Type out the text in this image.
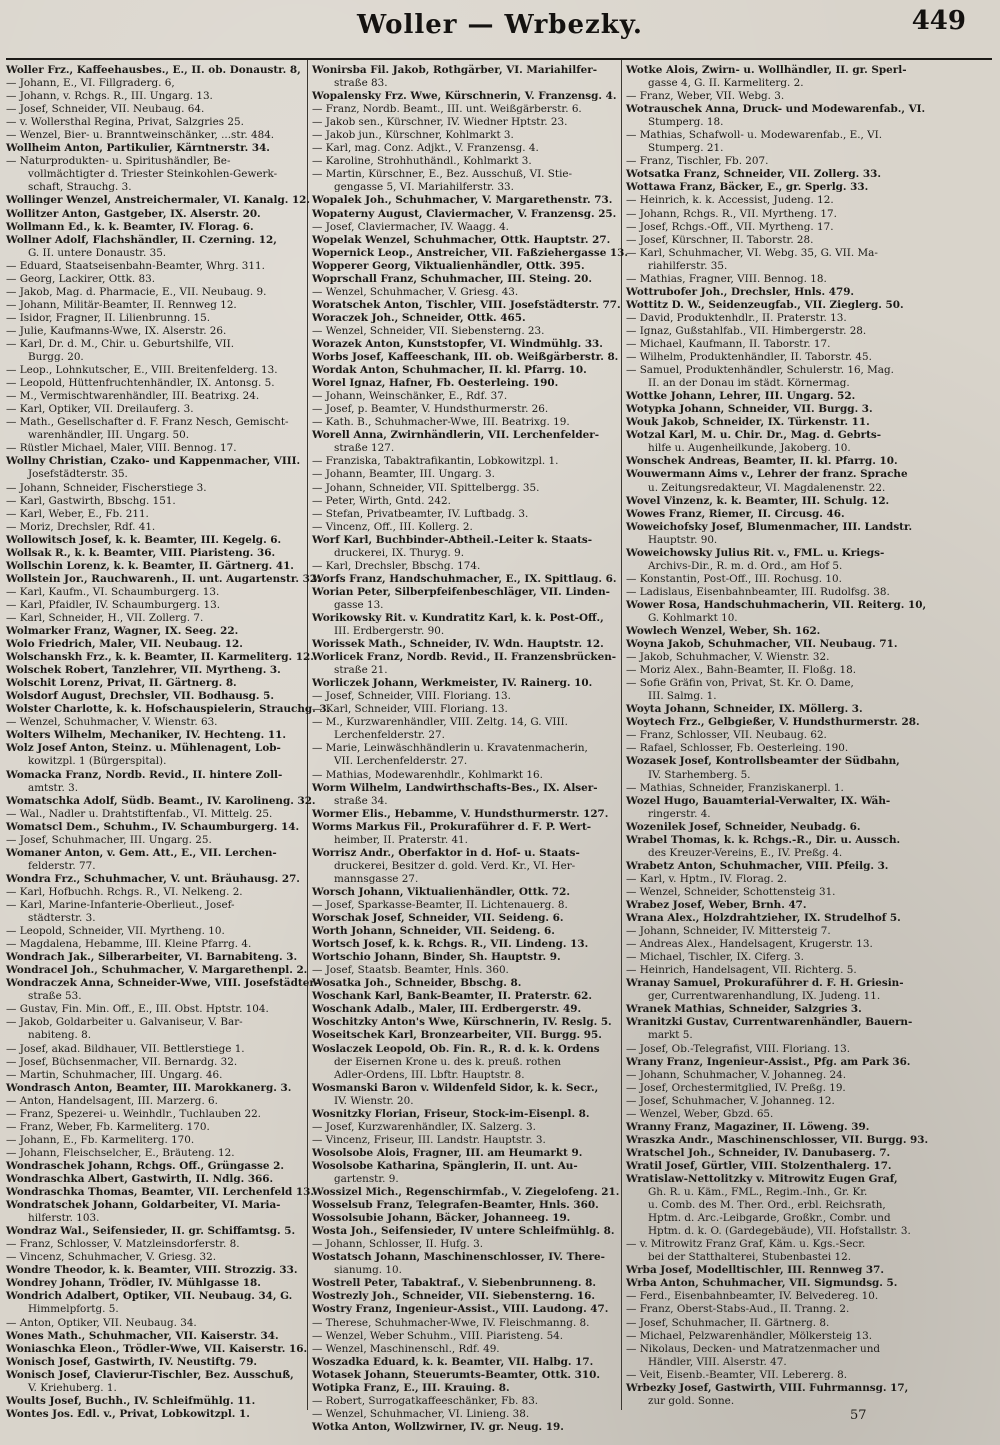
Woller — Wrbezky.	449
Woller Frz., Kaffeehausbes., E., II. ob. Donaustr. 8,
— Johann, E., VI. Fillgraderg. 6,
— Johann, v. Rchgs. R., III. Ungarg. 13.
— Josef, Schneider, VII. Neubaug. 64.
— v. Wollersthal Regina, Privat, Salzgries 25.
— Wenzel, Bier- u. Branntweinschänker, ...str. 484.
Wollheim Anton, Partikulier, Kärntnerstr. 34.
— Naturprodukten- u. Spiritushändler, Be-
vollmächtigter d. Triester Steinkohlen-Gewerk-
schaft, Strauchg. 3.
Wollinger Wenzel, Anstreichermaler, VI. Kanalg. 12.
Wollitzer Anton, Gastgeber, IX. Alserstr. 20.
Wollmann Ed., k. k. Beamter, IV. Florag. 6.
Wollner Adolf, Flachshändler, II. Czerning. 12,
G. II. untere Donaustr. 35.
— Eduard, Staatseisenbahn-Beamter, Whrg. 311.
— Georg, Lackirer, Ottk. 83.
— Jakob, Mag. d. Pharmacie, E., VII. Neubaug. 9.
— Johann, Militär-Beamter, II. Rennweg 12.
— Isidor, Fragner, II. Lilienbrunng. 15.
— Julie, Kaufmanns-Wwe, IX. Alserstr. 26.
— Karl, Dr. d. M., Chir. u. Geburtshilfe, VII.
Burgg. 20.
— Leop., Lohnkutscher, E., VIII. Breitenfelderg. 13.
— Leopold, Hüttenfruchtenhändler, IX. Antonsg. 5.
— M., Vermischtwarenhändler, III. Beatrixg. 24.
— Karl, Optiker, VII. Dreilauferg. 3.
— Math., Gesellschafter d. F. Franz Nesch, Gemischt-
warenhändler, III. Ungarg. 50.
— Rüstler Michael, Maler, VIII. Bennog. 17.
Wollny Christian, Czako- und Kappenmacher, VIII.
Josefstädterstr. 35.
— Johann, Schneider, Fischerstiege 3.
— Karl, Gastwirth, Bbschg. 151.
— Karl, Weber, E., Fb. 211.
— Moriz, Drechsler, Rdf. 41.
Wollowitsch Josef, k. k. Beamter, III. Kegelg. 6.
Wollsak R., k. k. Beamter, VIII. Piaristeng. 36.
Wollschin Lorenz, k. k. Beamter, II. Gärtnerg. 41.
Wollstein Jor., Rauchwarenh., II. unt. Augartenstr. 32.
— Karl, Kaufm., VI. Schaumburgerg. 13.
— Karl, Pfaidler, IV. Schaumburgerg. 13.
— Karl, Schneider, H., VII. Zollerg. 7.
Wolmarker Franz, Wagner, IX. Seeg. 22.
Wolo Friedrich, Maler, VII. Neubaug. 12.
Wolschanskh Frz., k. k. Beamter, II. Karmeliterg. 12.
Wolschek Robert, Tanzlehrer, VII. Myrtheng. 3.
Wolschit Lorenz, Privat, II. Gärtnerg. 8.
Wolsdorf August, Drechsler, VII. Bodhausg. 5.
Wolster Charlotte, k. k. Hofschauspielerin, Strauchg. 3.
— Wenzel, Schuhmacher, V. Wienstr. 63.
Wolters Wilhelm, Mechaniker, IV. Hechteng. 11.
Wolz Josef Anton, Steinz. u. Mühlenagent, Lob-
kowitzpl. 1 (Bürgerspital).
Womacka Franz, Nordb. Revid., II. hintere Zoll-
amtstr. 3.
Womatschka Adolf, Südb. Beamt., IV. Karolineng. 32.
— Wal., Nadler u. Drahtstiftenfab., VI. Mittelg. 25.
Womatscl Dem., Schuhm., IV. Schaumburgerg. 14.
— Josef, Schuhmacher, III. Ungarg. 25.
Womaner Anton, v. Gem. Att., E., VII. Lerchen-
felderstr. 77.
Wondra Frz., Schuhmacher, V. unt. Bräuhausg. 27.
— Karl, Hofbuchh. Rchgs. R., VI. Nelkeng. 2.
— Karl, Marine-Infanterie-Oberlieut., Josef-
städterstr. 3.
— Leopold, Schneider, VII. Myrtheng. 10.
— Magdalena, Hebamme, III. Kleine Pfarrg. 4.
Wondrach Jak., Silberarbeiter, VI. Barnabiteng. 3.
Wondracel Joh., Schuhmacher, V. Margarethenpl. 2.
Wondraczek Anna, Schneider-Wwe, VIII. Josefstädter-
straße 53.
— Gustav, Fin. Min. Off., E., III. Obst. Hptstr. 104.
— Jakob, Goldarbeiter u. Galvaniseur, V. Bar-
nabiteng. 8.
— Josef, akad. Bildhauer, VII. Bettlerstiege 1.
— Josef, Büchsenmacher, VII. Bernardg. 32.
— Martin, Schuhmacher, III. Ungarg. 46.
Wondrasch Anton, Beamter, III. Marokkanerg. 3.
— Anton, Handelsagent, III. Marzerg. 6.
— Franz, Spezerei- u. Weinhdlr., Tuchlauben 22.
— Franz, Weber, Fb. Karmeliterg. 170.
— Johann, E., Fb. Karmeliterg. 170.
— Johann, Fleischselcher, E., Bräuteng. 12.
Wondraschek Johann, Rchgs. Off., Grüngasse 2.
Wondraschka Albert, Gastwirth, II. Ndlg. 366.
Wondraschka Thomas, Beamter, VII. Lerchenfeld 13.
Wondratschek Johann, Goldarbeiter, VI. Maria-
hilferstr. 103.
Wondraz Wal., Seifensieder, II. gr. Schiffamtsg. 5.
— Franz, Schlosser, V. Matzleinsdorferstr. 8.
— Vincenz, Schuhmacher, V. Griesg. 32.
Wondre Theodor, k. k. Beamter, VIII. Strozzig. 33.
Wondrey Johann, Trödler, IV. Mühlgasse 18.
Wondrich Adalbert, Optiker, VII. Neubaug. 34, G.
Himmelpfortg. 5.
— Anton, Optiker, VII. Neubaug. 34.
Wones Math., Schuhmacher, VII. Kaiserstr. 34.
Woniaschka Eleon., Trödler-Wwe, VII. Kaiserstr. 16.
Wonisch Josef, Gastwirth, IV. Neustiftg. 79.
Wonisch Josef, Clavierur-Tischler, Bez. Ausschuß,
V. Kriehuberg. 1.
Woults Josef, Buchh., IV. Schleifmühlg. 11.
Wontes Jos. Edl. v., Privat, Lobkowitzpl. 1.
Wonirsba Fil. Jakob, Rothgärber, VI. Mariahilfer-
straße 83.
Wopalensky Frz. Wwe, Kürschnerin, V. Franzensg. 4.
— Franz, Nordb. Beamt., III. unt. Weißgärberstr. 6.
— Jakob sen., Kürschner, IV. Wiedner Hptstr. 23.
— Jakob jun., Kürschner, Kohlmarkt 3.
— Karl, mag. Conz. Adjkt., V. Franzensg. 4.
— Karoline, Strohhuthändl., Kohlmarkt 3.
— Martin, Kürschner, E., Bez. Ausschuß, VI. Stie-
gengasse 5, VI. Mariahilferstr. 33.
Wopalek Joh., Schuhmacher, V. Margarethenstr. 73.
Wopaterny August, Claviermacher, V. Franzensg. 25.
— Josef, Claviermacher, IV. Waagg. 4.
Wopelak Wenzel, Schuhmacher, Ottk. Hauptstr. 27.
Wopernick Leop., Anstreicher, VII. Faßziehergasse 13.
Wopperer Georg, Viktualienhändler, Ottk. 395.
Woprschall Franz, Schuhmacher, III. Steing. 20.
— Wenzel, Schuhmacher, V. Griesg. 43.
Woratschek Anton, Tischler, VIII. Josefstädterstr. 77.
Woraczek Joh., Schneider, Ottk. 465.
— Wenzel, Schneider, VII. Siebensterng. 23.
Worazek Anton, Kunststopfer, VI. Windmühlg. 33.
Worbs Josef, Kaffeeschank, III. ob. Weißgärberstr. 8.
Wordak Anton, Schuhmacher, II. kl. Pfarrg. 10.
Worel Ignaz, Hafner, Fb. Oesterleing. 190.
— Johann, Weinschänker, E., Rdf. 37.
— Josef, p. Beamter, V. Hundsthurmerstr. 26.
— Kath. B., Schuhmacher-Wwe, III. Beatrixg. 19.
Worell Anna, Zwirnhändlerin, VII. Lerchenfelder-
straße 127.
— Franziska, Tabaktrafikantin, Lobkowitzpl. 1.
— Johann, Beamter, III. Ungarg. 3.
— Johann, Schneider, VII. Spittelbergg. 35.
— Peter, Wirth, Gntd. 242.
— Stefan, Privatbeamter, IV. Luftbadg. 3.
— Vincenz, Off., III. Kollerg. 2.
Worf Karl, Buchbinder-Abtheil.-Leiter k. Staats-
druckerei, IX. Thuryg. 9.
— Karl, Drechsler, Bbschg. 174.
Worfs Franz, Handschuhmacher, E., IX. Spittlaug. 6.
Worian Peter, Silberpfeifenbeschläger, VII. Linden-
gasse 13.
Worikowsky Rit. v. Kundratitz Karl, k. k. Post-Off.,
III. Erdbergerstr. 90.
Worissek Math., Schneider, IV. Wdn. Hauptstr. 12.
Worlicek Franz, Nordb. Revid., II. Franzensbrücken-
straße 21.
Worliczek Johann, Werkmeister, IV. Rainerg. 10.
— Josef, Schneider, VIII. Floriang. 13.
— Karl, Schneider, VIII. Floriang. 13.
— M., Kurzwarenhändler, VIII. Zeltg. 14, G. VIII.
Lerchenfelderstr. 27.
— Marie, Leinwäschhändlerin u. Kravatenmacherin,
VII. Lerchenfelderstr. 27.
— Mathias, Modewarenhdlr., Kohlmarkt 16.
Worm Wilhelm, Landwirthschafts-Bes., IX. Alser-
straße 34.
Wormer Elis., Hebamme, V. Hundsthurmerstr. 127.
Worms Markus Fil., Prokuraführer d. F. P. Wert-
heimber, II. Praterstr. 41.
Worrisz Andr., Oberfaktor in d. Hof- u. Staats-
druckerei, Besitzer d. gold. Verd. Kr., VI. Her-
mannsgasse 27.
Worsch Johann, Viktualienhändler, Ottk. 72.
— Josef, Sparkasse-Beamter, II. Lichtenauerg. 8.
Worschak Josef, Schneider, VII. Seideng. 6.
Worth Johann, Schneider, VII. Seideng. 6.
Wortsch Josef, k. k. Rchgs. R., VII. Lindeng. 13.
Wortschio Johann, Binder, Sh. Hauptstr. 9.
— Josef, Staatsb. Beamter, Hnls. 360.
Wosatka Joh., Schneider, Bbschg. 8.
Woschank Karl, Bank-Beamter, II. Praterstr. 62.
Woschank Adalb., Maler, III. Erdbergerstr. 49.
Woschitzky Anton's Wwe, Kürschnerin, IV. Reslg. 5.
Woseitschek Karl, Bronzearbeiter, VII. Burgg. 95.
Woslaczek Leopold, Ob. Fin. R., R. d. k. k. Ordens
der Eisernen Krone u. des k. preuß. rothen
Adler-Ordens, III. Lbftr. Hauptstr. 8.
Wosmanski Baron v. Wildenfeld Sidor, k. k. Secr.,
IV. Wienstr. 20.
Wosnitzky Florian, Friseur, Stock-im-Eisenpl. 8.
— Josef, Kurzwarenhändler, IX. Salzerg. 3.
— Vincenz, Friseur, III. Landstr. Hauptstr. 3.
Wosolsobe Alois, Fragner, III. am Heumarkt 9.
Wosolsobe Katharina, Spänglerin, II. unt. Au-
gartenstr. 9.
Wossizel Mich., Regenschirmfab., V. Ziegelofeng. 21.
Wosselsub Franz, Telegrafen-Beamter, Hnls. 360.
Wossolsubie Johann, Bäcker, Johanneeg. 19.
Wosta Joh., Seifensieder, IV untere Schleifmühlg. 8.
— Johann, Schlosser, II. Hufg. 3.
Wostatsch Johann, Maschinenschlosser, IV. There-
sianumg. 10.
Wostrell Peter, Tabaktraf., V. Siebenbrunneng. 8.
Wostrezly Joh., Schneider, VII. Siebensterng. 16.
Wostry Franz, Ingenieur-Assist., VIII. Laudong. 47.
— Therese, Schuhmacher-Wwe, IV. Fleischmanng. 8.
— Wenzel, Weber Schuhm., VIII. Piaristeng. 54.
— Wenzel, Maschinenschl., Rdf. 49.
Woszadka Eduard, k. k. Beamter, VII. Halbg. 17.
Wotasek Johann, Steuerumts-Beamter, Ottk. 310.
Wotipka Franz, E., III. Krauing. 8.
— Robert, Surrogatkaffeeschänker, Fb. 83.
— Wenzel, Schuhmacher, VI. Linieng. 38.
Wotka Anton, Wollzwirner, IV. gr. Neug. 19.
Wotke Alois, Zwirn- u. Wollhändler, II. gr. Sperl-
gasse 4, G. II. Karmeliterg. 2.
— Franz, Weber, VII. Webg. 3.
Wotrauschek Anna, Druck- und Modewarenfab., VI.
Stumperg. 18.
— Mathias, Schafwoll- u. Modewarenfab., E., VI.
Stumperg. 21.
— Franz, Tischler, Fb. 207.
Wotsatka Franz, Schneider, VII. Zollerg. 33.
Wottawa Franz, Bäcker, E., gr. Sperlg. 33.
— Heinrich, k. k. Accessist, Judeng. 12.
— Johann, Rchgs. R., VII. Myrtheng. 17.
— Josef, Rchgs.-Off., VII. Myrtheng. 17.
— Josef, Kürschner, II. Taborstr. 28.
— Karl, Schuhmacher, VI. Webg. 35, G. VII. Ma-
riahilferstr. 35.
— Mathias, Fragner, VIII. Bennog. 18.
Wottrubofer Joh., Drechsler, Hnls. 479.
Wottitz D. W., Seidenzeugfab., VII. Zieglerg. 50.
— David, Produktenhdlr., II. Praterstr. 13.
— Ignaz, Gußstahlfab., VII. Himbergerstr. 28.
— Michael, Kaufmann, II. Taborstr. 17.
— Wilhelm, Produktenhändler, II. Taborstr. 45.
— Samuel, Produktenhändler, Schulerstr. 16, Mag.
II. an der Donau im städt. Körnermag.
Wottke Johann, Lehrer, III. Ungarg. 52.
Wotypka Johann, Schneider, VII. Burgg. 3.
Wouk Jakob, Schneider, IX. Türkenstr. 11.
Wotzal Karl, M. u. Chir. Dr., Mag. d. Gebrts-
hilfe u. Augenheilkunde, Jakoberg. 10.
Wonschek Andreas, Beamter, II. kl. Pfarrg. 10.
Wouwermann Aims v., Lehrer der franz. Sprache
u. Zeitungsredakteur, VI. Magdalenenstr. 22.
Wovel Vinzenz, k. k. Beamter, III. Schulg. 12.
Wowes Franz, Riemer, II. Circusg. 46.
Woweichofsky Josef, Blumenmacher, III. Landstr.
Hauptstr. 90.
Woweichowsky Julius Rit. v., FML. u. Kriegs-
Archivs-Dir., R. m. d. Ord., am Hof 5.
— Konstantin, Post-Off., III. Rochusg. 10.
— Ladislaus, Eisenbahnbeamter, III. Rudolfsg. 38.
Wower Rosa, Handschuhmacherin, VII. Reiterg. 10,
G. Kohlmarkt 10.
Wowlech Wenzel, Weber, Sh. 162.
Woyna Jakob, Schuhmacher, VII. Neubaug. 71.
— Jakob, Schuhmacher, V. Wienstr. 32.
— Moriz Alex., Bahn-Beamter, II. Floßg. 18.
— Sofie Gräfin von, Privat, St. Kr. O. Dame,
III. Salmg. 1.
Woyta Johann, Schneider, IX. Möllerg. 3.
Woytech Frz., Gelbgießer, V. Hundsthurmerstr. 28.
— Franz, Schlosser, VII. Neubaug. 62.
— Rafael, Schlosser, Fb. Oesterleing. 190.
Wozasek Josef, Kontrollsbeamter der Südbahn,
IV. Starhemberg. 5.
— Mathias, Schneider, Franziskanerpl. 1.
Wozel Hugo, Bauamterial-Verwalter, IX. Wäh-
ringerstr. 4.
Wozenilek Josef, Schneider, Neubadg. 6.
Wrabel Thomas, k. k. Rchgs.-R., Dir. u. Aussch.
des Kreuzer-Vereins, E., IV. Preßg. 4.
Wrabetz Anton, Schuhmacher, VIII. Pfeilg. 3.
— Karl, v. Hptm., IV. Florag. 2.
— Wenzel, Schneider, Schottensteig 31.
Wrabez Josef, Weber, Brnh. 47.
Wrana Alex., Holzdrahtzieher, IX. Strudelhof 5.
— Johann, Schneider, IV. Mittersteig 7.
— Andreas Alex., Handelsagent, Krugerstr. 13.
— Michael, Tischler, IX. Ciferg. 3.
— Heinrich, Handelsagent, VII. Richterg. 5.
Wranay Samuel, Prokuraführer d. F. H. Griesin-
ger, Currentwarenhandlung, IX. Judeng. 11.
Wranek Mathias, Schneider, Salzgries 3.
Wranitzki Gustav, Currentwarenhändler, Bauern-
markt 5.
— Josef, Ob.-Telegrafist, VIII. Floriang. 13.
Wrany Franz, Ingenieur-Assist., Pfg. am Park 36.
— Johann, Schuhmacher, V. Johanneg. 24.
— Josef, Orchestermitglied, IV. Preßg. 19.
— Josef, Schuhmacher, V. Johanneg. 12.
— Wenzel, Weber, Gbzd. 65.
Wranny Franz, Magaziner, II. Löweng. 39.
Wraszka Andr., Maschinenschlosser, VII. Burgg. 93.
Wratschel Joh., Schneider, IV. Danubaserg. 7.
Wratil Josef, Gürtler, VIII. Stolzenthalerg. 17.
Wratislaw-Nettolitzky v. Mitrowitz Eugen Graf,
Gh. R. u. Käm., FML., Regim.-Inh., Gr. Kr.
u. Comb. des M. Ther. Ord., erbl. Reichsrath,
Hptm. d. Arc.-Leibgarde, Großkr., Combr. und
Hptm. d. k. O. (Gardegebäude), VII. Hofstallstr. 3.
— v. Mitrowitz Franz Graf, Käm. u. Kgs.-Secr.
bei der Statthalterei, Stubenbastei 12.
Wrba Josef, Modelltischler, III. Rennweg 37.
Wrba Anton, Schuhmacher, VII. Sigmundsg. 5.
— Ferd., Eisenbahnbeamter, IV. Belvedereg. 10.
— Franz, Oberst-Stabs-Aud., II. Tranng. 2.
— Josef, Schuhmacher, II. Gärtnerg. 8.
— Michael, Pelzwarenhändler, Mölkersteig 13.
— Nikolaus, Decken- und Matratzenmacher und
Händler, VIII. Alserstr. 47.
— Veit, Eisenb.-Beamter, VII. Lebererg. 8.
Wrbezky Josef, Gastwirth, VIII. Fuhrmannsg. 17,
zur gold. Sonne.
57
